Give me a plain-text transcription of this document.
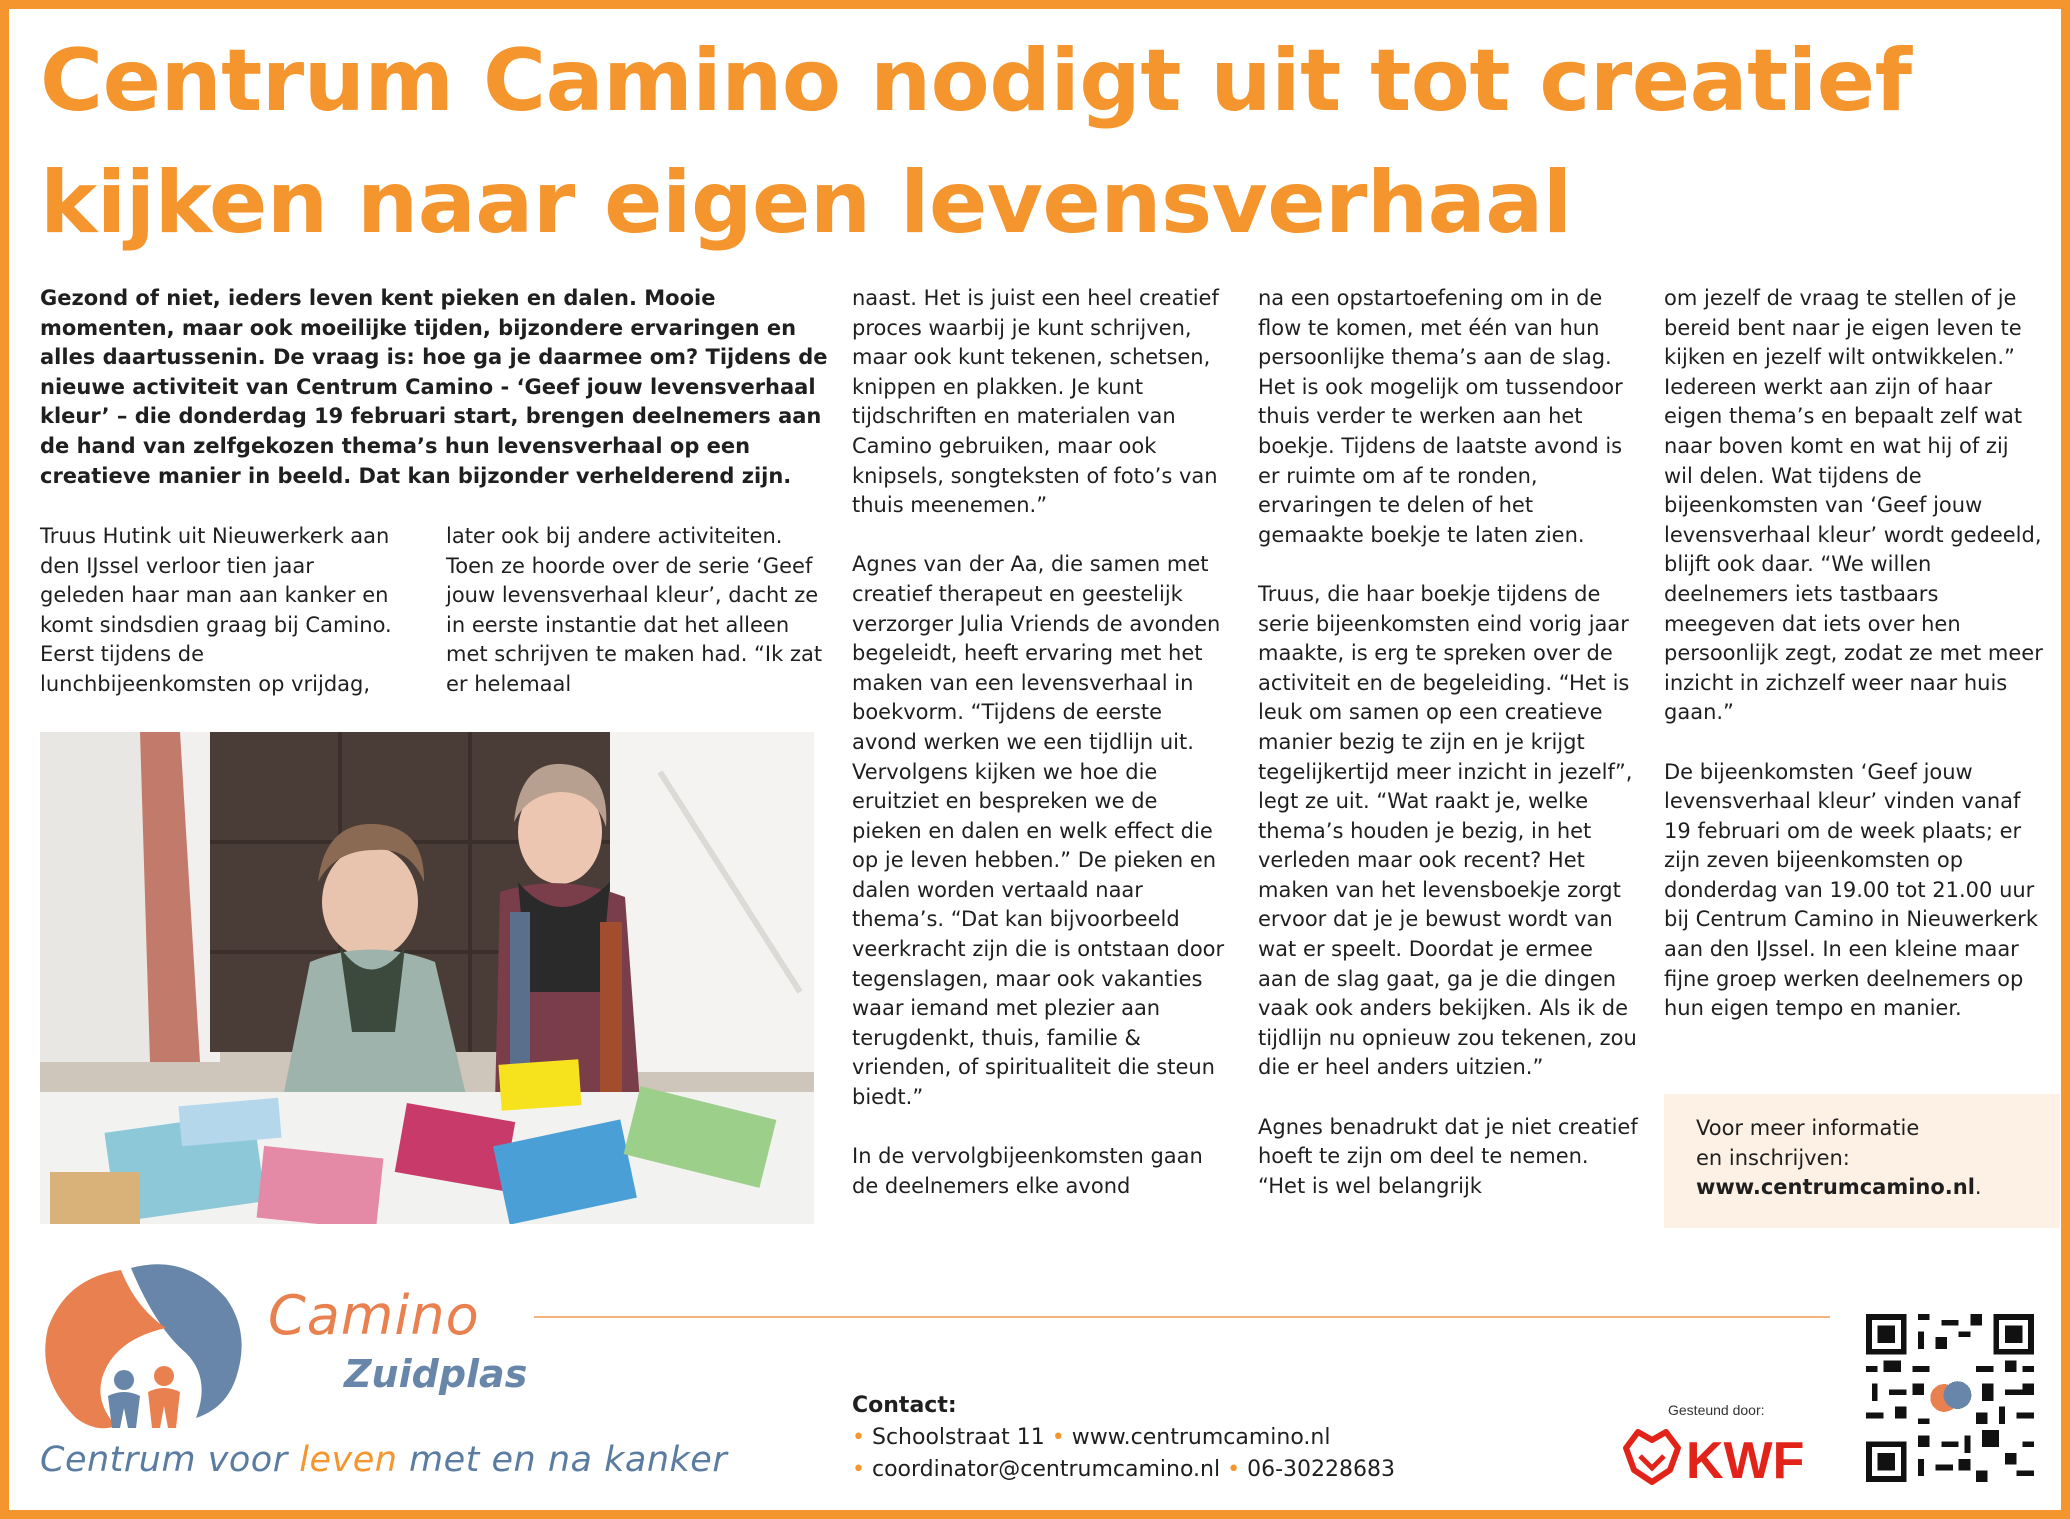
Centrum Camino nodigt uit tot creatief kijken naar eigen levensverhaal
Gezond of niet, ieders leven kent pieken en dalen. Mooie momenten, maar ook moeilijke tijden, bijzondere ervaringen en alles daartussenin. De vraag is: hoe ga je daarmee om? Tijdens de nieuwe activiteit van Centrum Camino - ‘Geef jouw levensverhaal kleur’ – die donderdag 19 februari start, brengen deelnemers aan de hand van zelfgekozen thema’s hun levensverhaal op een creatieve manier in beeld. Dat kan bijzonder verhelderend zijn.
Truus Hutink uit Nieuwerkerk aan den IJssel verloor tien jaar geleden haar man aan kanker en komt sindsdien graag bij Camino. Eerst tijdens de lunchbijeenkomsten op vrijdag,
later ook bij andere activiteiten. Toen ze hoorde over de serie ‘Geef jouw levensverhaal kleur’, dacht ze in eerste instantie dat het alleen met schrijven te maken had. “Ik zat er helemaal

naast. Het is juist een heel creatief proces waarbij je kunt schrijven, maar ook kunt tekenen, schetsen, knippen en plakken. Je kunt tijdschriften en materialen van Camino gebruiken, maar ook knipsels, songteksten of foto’s van thuis meenemen.”

Agnes van der Aa, die samen met creatief therapeut en geestelijk verzorger Julia Vriends de avonden begeleidt, heeft ervaring met het maken van een levensverhaal in boekvorm. “Tijdens de eerste avond werken we een tijdlijn uit. Vervolgens kijken we hoe die eruitziet en bespreken we de pieken en dalen en welk effect die op je leven hebben.” De pieken en dalen worden vertaald naar thema’s. “Dat kan bijvoorbeeld veerkracht zijn die is ontstaan door tegenslagen, maar ook vakanties waar iemand met plezier aan terugdenkt, thuis, familie & vrienden, of spiritualiteit die steun biedt.”

In de vervolgbijeenkomsten gaan de deelnemers elke avond

na een opstartoefening om in de flow te komen, met één van hun persoonlijke thema’s aan de slag. Het is ook mogelijk om tussendoor thuis verder te werken aan het boekje. Tijdens de laatste avond is er ruimte om af te ronden, ervaringen te delen of het gemaakte boekje te laten zien.

Truus, die haar boekje tijdens de serie bijeenkomsten eind vorig jaar maakte, is erg te spreken over de activiteit en de begeleiding. “Het is leuk om samen op een creatieve manier bezig te zijn en je krijgt tegelijkertijd meer inzicht in jezelf”, legt ze uit. “Wat raakt je, welke thema’s houden je bezig, in het verleden maar ook recent? Het maken van het levensboekje zorgt ervoor dat je je bewust wordt van wat er speelt. Doordat je ermee aan de slag gaat, ga je die dingen vaak ook anders bekijken. Als ik de tijdlijn nu opnieuw zou tekenen, zou die er heel anders uitzien.”

Agnes benadrukt dat je niet creatief hoeft te zijn om deel te nemen. “Het is wel belangrijk

om jezelf de vraag te stellen of je bereid bent naar je eigen leven te kijken en jezelf wilt ontwikkelen.” Iedereen werkt aan zijn of haar eigen thema’s en bepaalt zelf wat naar boven komt en wat hij of zij wil delen. Wat tijdens de bijeenkomsten van ‘Geef jouw levensverhaal kleur’ wordt gedeeld, blijft ook daar. “We willen deelnemers iets tastbaars meegeven dat iets over hen persoonlijk zegt, zodat ze met meer inzicht in zichzelf weer naar huis gaan.”

De bijeenkomsten ‘Geef jouw levensverhaal kleur’ vinden vanaf 19 februari om de week plaats; er zijn zeven bijeenkomsten op donderdag van 19.00 tot 21.00 uur bij Centrum Camino in Nieuwerkerk aan den IJssel. In een kleine maar fijne groep werken deelnemers op hun eigen tempo en manier.

Voor meer informatie
en inschrijven:
www.centrumcamino.nl.
Camino
Zuidplas
Centrum voor leven met en na kanker
Contact:
• Schoolstraat 11 • www.centrumcamino.nl
• coordinator@centrumcamino.nl • 06-30228683
Gesteund door:
KWF
